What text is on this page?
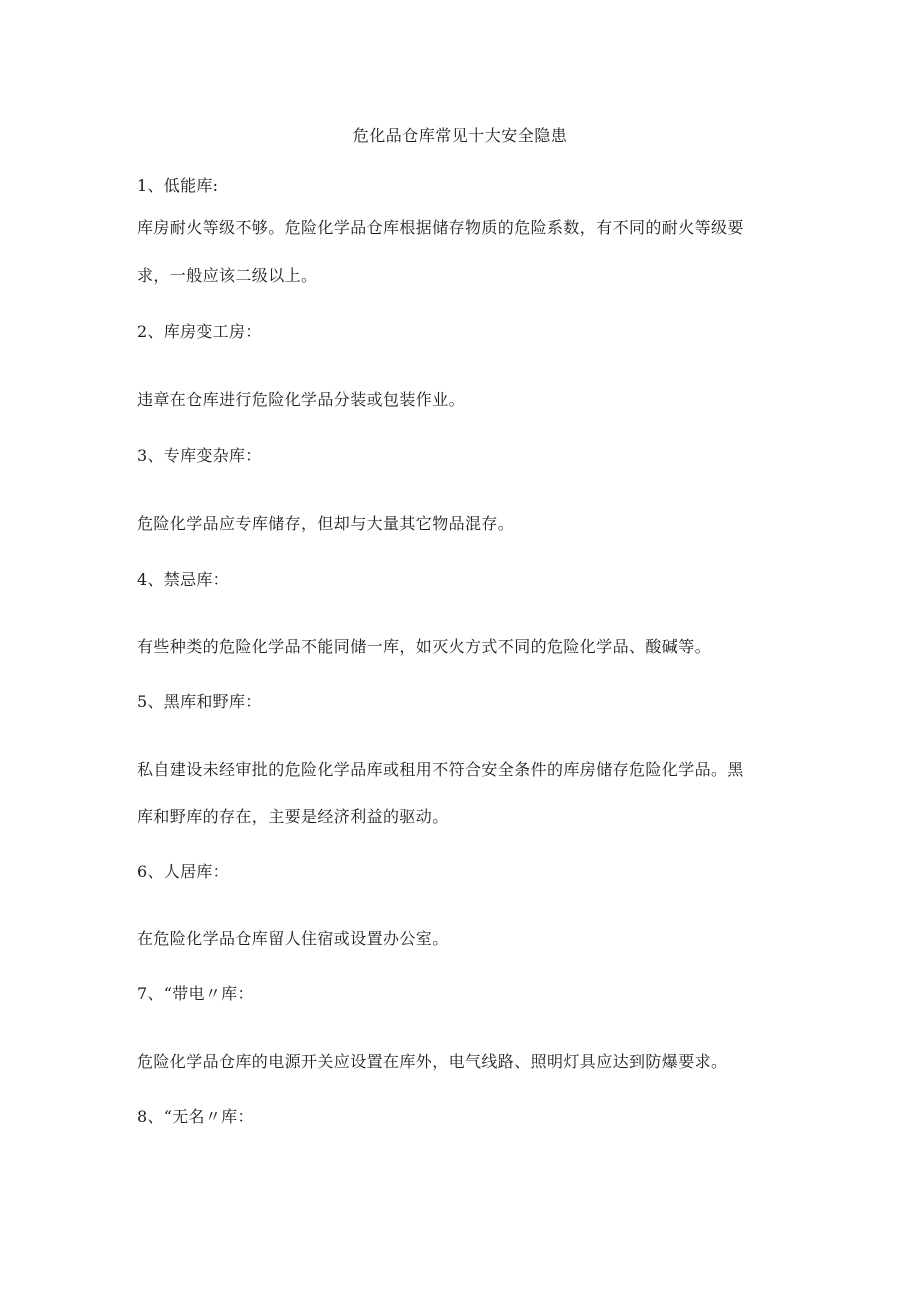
危化品仓库常见十大安全隐患
1、低能库:
库房耐火等级不够。危险化学品仓库根据储存物质的危险系数，有不同的耐火等级要
求，一般应该二级以上。
2、库房变工房：
违章在仓库进行危险化学品分装或包装作业。
3、专库变杂库：
危险化学品应专库储存，但却与大量其它物品混存。
4、禁忌库：
有些种类的危险化学品不能同储一库，如灭火方式不同的危险化学品、酸碱等。
5、黑库和野库：
私自建设未经审批的危险化学品库或租用不符合安全条件的库房储存危险化学品。黑
库和野库的存在，主要是经济利益的驱动。
6、人居库：
在危险化学品仓库留人住宿或设置办公室。
7、“带电〃库：
危险化学品仓库的电源开关应设置在库外，电气线路、照明灯具应达到防爆要求。
8、“无名〃库：
